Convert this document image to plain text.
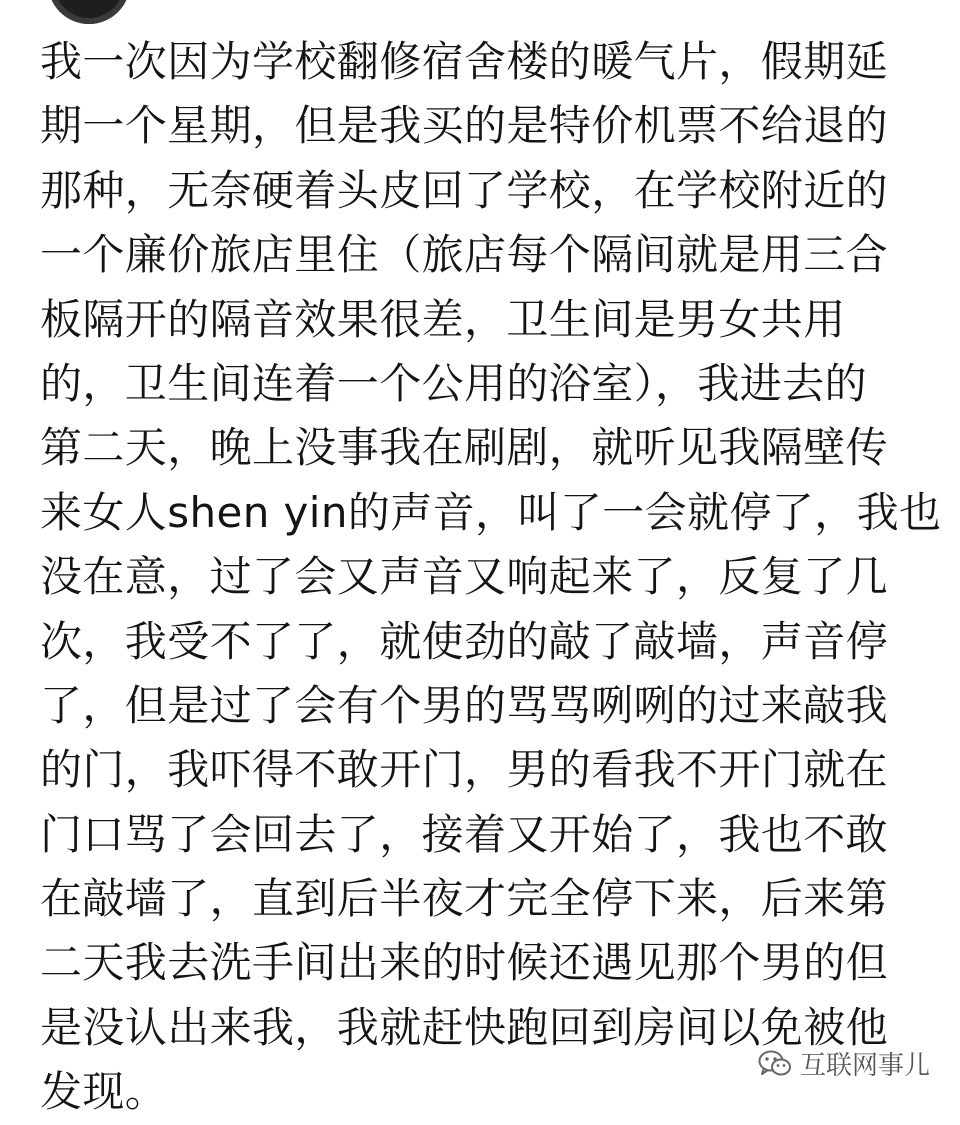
我一次因为学校翻修宿舍楼的暖气片，假期延
期一个星期，但是我买的是特价机票不给退的
那种，无奈硬着头皮回了学校，在学校附近的
一个廉价旅店里住（旅店每个隔间就是用三合
板隔开的隔音效果很差，卫生间是男女共用
的，卫生间连着一个公用的浴室），我进去的
第二天，晚上没事我在刷剧，就听见我隔壁传
来女人shen yin的声音，叫了一会就停了，我也
没在意，过了会又声音又响起来了，反复了几
次，我受不了了，就使劲的敲了敲墙，声音停
了，但是过了会有个男的骂骂咧咧的过来敲我
的门，我吓得不敢开门，男的看我不开门就在
门口骂了会回去了，接着又开始了，我也不敢
在敲墙了，直到后半夜才完全停下来，后来第
二天我去洗手间出来的时候还遇见那个男的但
是没认出来我，我就赶快跑回到房间以免被他
发现。
互联网事儿
